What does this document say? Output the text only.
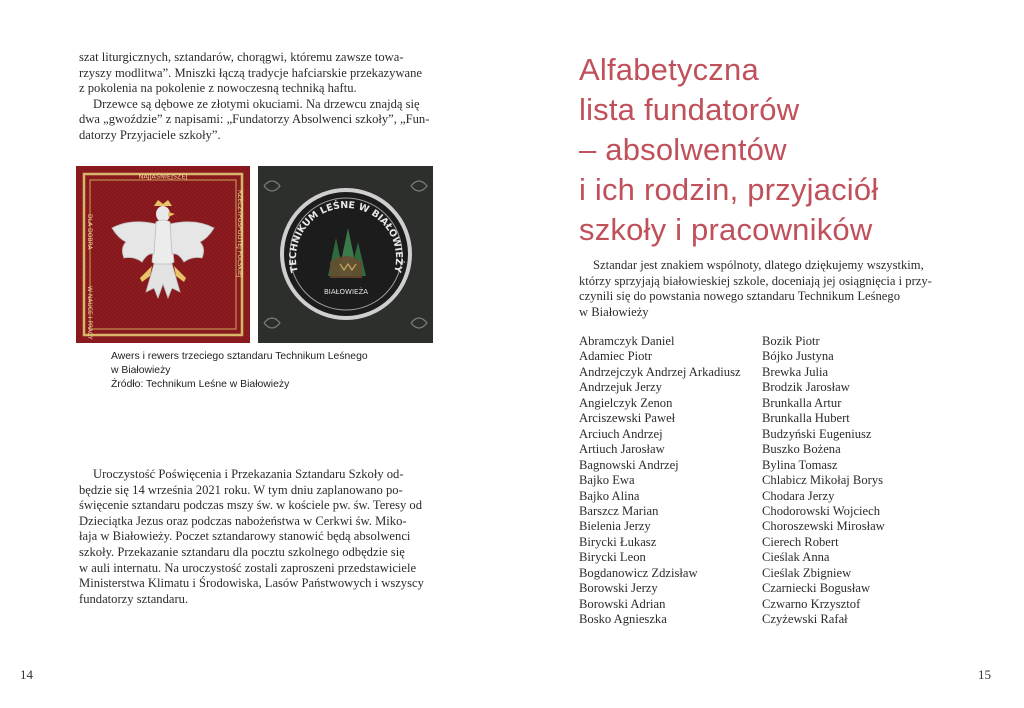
szat liturgicznych, sztandarów, chorągwi, któremu zawsze towa-
rzyszy modlitwa”. Mniszki łączą tradycje hafciarskie przekazywane
z pokolenia na pokolenie z nowoczesną techniką haftu.

Drzewce są dębowe ze złotymi okuciami. Na drzewcu znajdą się
dwa „gwoździe” z napisami: „Fundatorzy Absolwenci szkoły”, „Fun-
datorzy Przyjaciele szkoły”.

NAJJAŚNIEJSZEJ
DLA DOBRA
W NAUCE I PRACY
RZECZYPOSPOLITEJ POLSKIEJ	TECHNIKUM LEŚNE W BIAŁOWIEŻY
BIAŁOWIEŻA
Awers i rewers trzeciego sztandaru Technikum Leśnego
w Białowieży
Źródło: Technikum Leśne w Białowieży

Uroczystość Poświęcenia i Przekazania Sztandaru Szkoły od-
będzie się 14 września 2021 roku. W tym dniu zaplanowano po-
święcenie sztandaru podczas mszy św. w kościele pw. św. Teresy od
Dzieciątka Jezus oraz podczas nabożeństwa w Cerkwi św. Miko-
łaja w Białowieży. Poczet sztandarowy stanowić będą absolwenci
szkoły. Przekazanie sztandaru dla pocztu szkolnego odbędzie się
w auli internatu. Na uroczystość zostali zaproszeni przedstawiciele
Ministerstwa Klimatu i Środowiska, Lasów Państwowych i wszyscy
fundatorzy sztandaru.

14
Alfabetyczna
lista fundatorów
– absolwentów
i ich rodzin, przyjaciół
szkoły i pracowników
Sztandar jest znakiem wspólnoty, dlatego dziękujemy wszystkim,
którzy sprzyjają białowieskiej szkole, doceniają jej osiągnięcia i przy-
czynili się do powstania nowego sztandaru Technikum Leśnego
w Białowieży
Abramczyk Daniel
Adamiec Piotr
Andrzejczyk Andrzej Arkadiusz
Andrzejuk Jerzy
Angielczyk Zenon
Arciszewski Paweł
Arciuch Andrzej
Artiuch Jarosław
Bagnowski Andrzej
Bajko Ewa
Bajko Alina
Barszcz Marian
Bielenia Jerzy
Birycki Łukasz
Birycki Leon
Bogdanowicz Zdzisław
Borowski Jerzy
Borowski Adrian
Bosko Agnieszka
Bozik Piotr
Bójko Justyna
Brewka Julia
Brodzik Jarosław
Brunkalla Artur
Brunkalla Hubert
Budzyński Eugeniusz
Buszko Bożena
Bylina Tomasz
Chlabicz Mikołaj Borys
Chodara Jerzy
Chodorowski Wojciech
Choroszewski Mirosław
Cierech Robert
Cieślak Anna
Cieślak Zbigniew
Czarniecki Bogusław
Czwarno Krzysztof
Czyżewski Rafał
15
